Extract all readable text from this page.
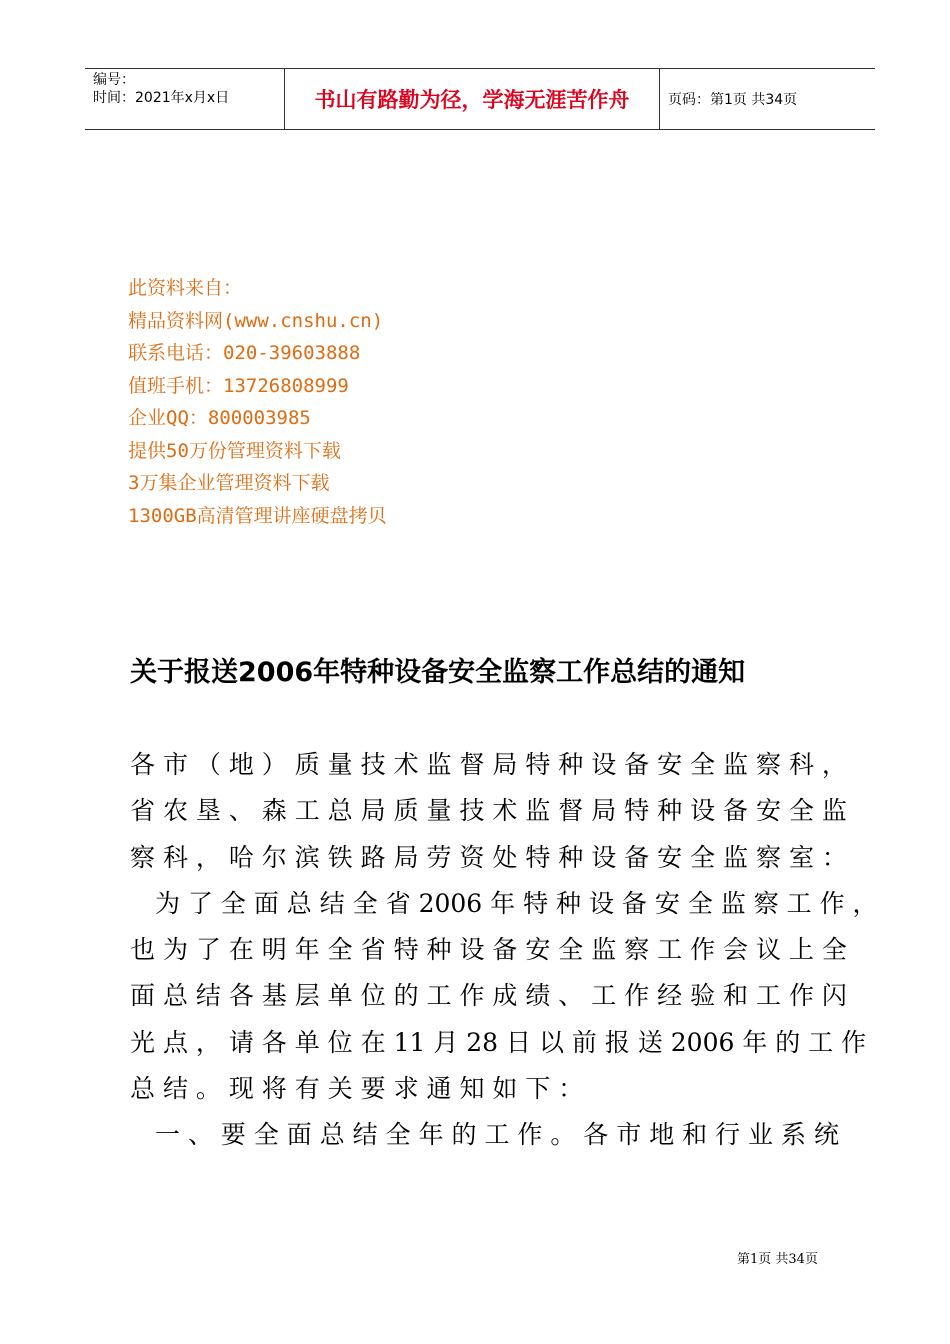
编号：
时间：2021年x月x日	书山有路勤为径，学海无涯苦作舟	页码：第1页 共34页
此资料来自：
精品资料网(www.cnshu.cn)
联系电话：020-39603888
值班手机：13726808999
企业QQ：800003985
提供50万份管理资料下载
3万集企业管理资料下载
1300GB高清管理讲座硬盘拷贝
关于报送2006年特种设备安全监察工作总结的通知
各 市 （ 地 ） 质 量 技 术 监 督 局 特 种 设 备 安 全 监 察 科 ，
省 农 垦 、 森 工 总 局 质 量 技 术 监 督 局 特 种 设 备 安 全 监
察 科 ， 哈 尔 滨 铁 路 局 劳 资 处 特 种 设 备 安 全 监 察 室 ：
　为 了 全 面 总 结 全 省 2006 年 特 种 设 备 安 全 监 察 工 作 ，
也 为 了 在 明 年 全 省 特 种 设 备 安 全 监 察 工 作 会 议 上 全
面 总 结 各 基 层 单 位 的 工 作 成 绩 、 工 作 经 验 和 工 作 闪
光 点 ， 请 各 单 位 在 11 月 28 日 以 前 报 送 2006 年 的 工 作
总 结 。 现 将 有 关 要 求 通 知 如 下 ：
　一 、 要 全 面 总 结 全 年 的 工 作 。 各 市 地 和 行 业 系 统
第1页 共34页
